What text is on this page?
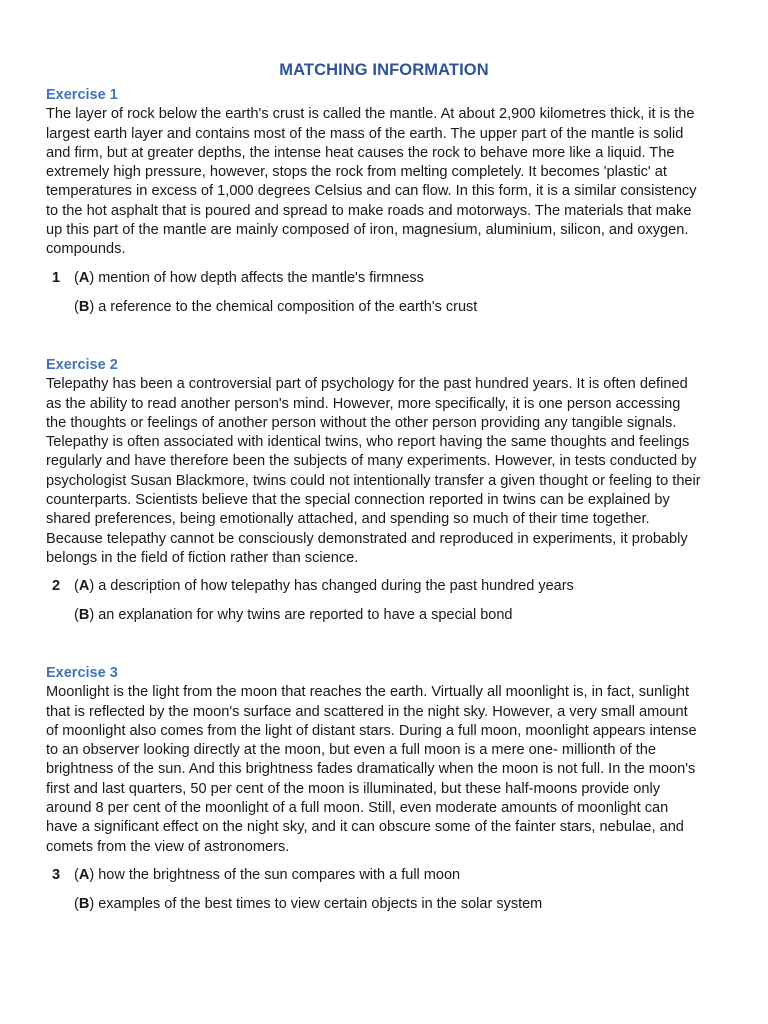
MATCHING INFORMATION
Exercise 1

The layer of rock below the earth's crust is called the mantle. At about 2,900 kilometres thick, it is the
largest earth layer and contains most of the mass of the earth. The upper part of the mantle is solid
and firm, but at greater depths, the intense heat causes the rock to behave more like a liquid. The
extremely high pressure, however, stops the rock from melting completely. It becomes 'plastic' at
temperatures in excess of 1,000 degrees Celsius and can flow. In this form, it is a similar consistency
to the hot asphalt that is poured and spread to make roads and motorways. The materials that make
up this part of the mantle are mainly composed of iron, magnesium, aluminium, silicon, and oxygen.
compounds.

1 (A) mention of how depth affects the mantle's firmness
(B) a reference to the chemical composition of the earth's crust
Exercise 2

Telepathy has been a controversial part of psychology for the past hundred years. It is often defined
as the ability to read another person's mind. However, more specifically, it is one person accessing
the thoughts or feelings of another person without the other person providing any tangible signals.
Telepathy is often associated with identical twins, who report having the same thoughts and feelings
regularly and have therefore been the subjects of many experiments. However, in tests conducted by
psychologist Susan Blackmore, twins could not intentionally transfer a given thought or feeling to their
counterparts. Scientists believe that the special connection reported in twins can be explained by
shared preferences, being emotionally attached, and spending so much of their time together.
Because telepathy cannot be consciously demonstrated and reproduced in experiments, it probably
belongs in the field of fiction rather than science.

2 (A) a description of how telepathy has changed during the past hundred years
(B) an explanation for why twins are reported to have a special bond
Exercise 3

Moonlight is the light from the moon that reaches the earth. Virtually all moonlight is, in fact, sunlight
that is reflected by the moon's surface and scattered in the night sky. However, a very small amount
of moonlight also comes from the light of distant stars. During a full moon, moonlight appears intense
to an observer looking directly at the moon, but even a full moon is a mere one- millionth of the
brightness of the sun. And this brightness fades dramatically when the moon is not full. In the moon's
first and last quarters, 50 per cent of the moon is illuminated, but these half-moons provide only
around 8 per cent of the moonlight of a full moon. Still, even moderate amounts of moonlight can
have a significant effect on the night sky, and it can obscure some of the fainter stars, nebulae, and
comets from the view of astronomers.

3 (A) how the brightness of the sun compares with a full moon
(B) examples of the best times to view certain objects in the solar system
